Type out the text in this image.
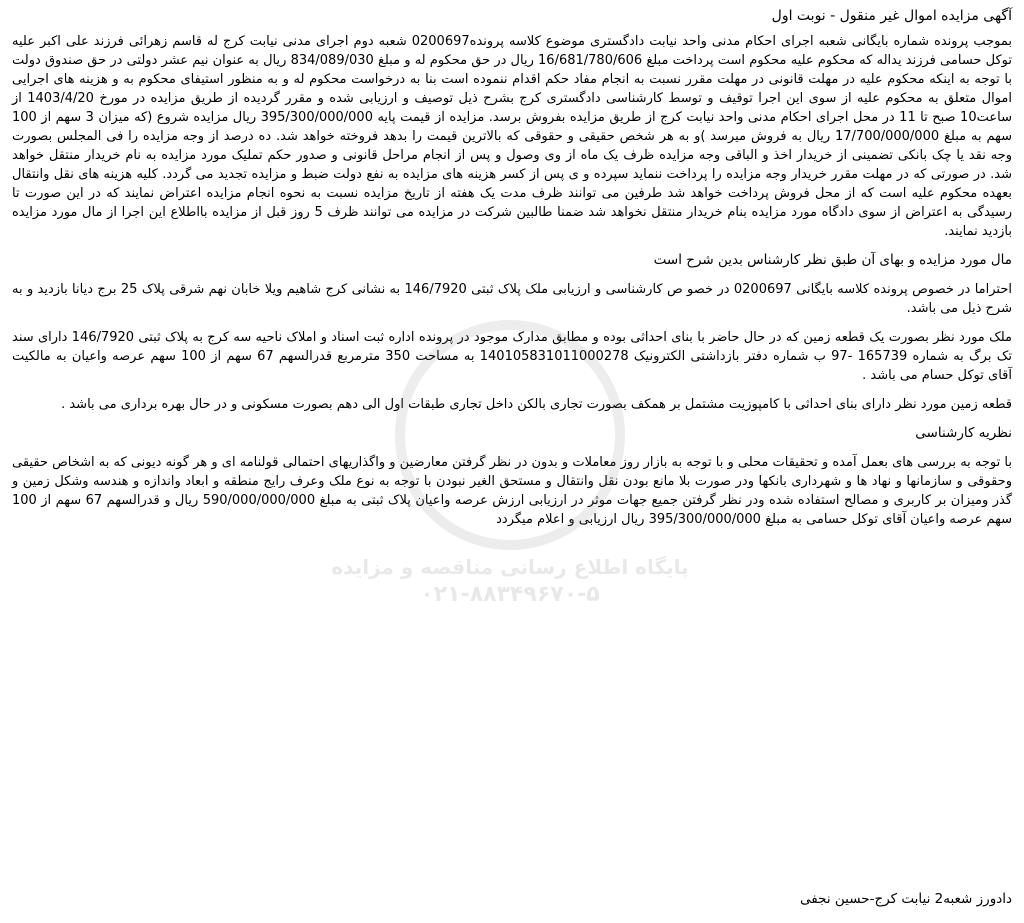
پایگاه اطلاع رسانی مناقصه و مزایده
۰۲۱-۸۸۳۴۹۶۷۰-۵

آگهی مزایده اموال غیر منقول - نوبت اول

بموجب پرونده شماره بایگانی شعبه اجرای احکام مدنی واحد نیابت دادگستری موضوع کلاسه پرونده0200697 شعبه دوم اجرای مدنی نیابت کرج له قاسم زهرائی فرزند علی اکبر علیه توکل حسامی فرزند یداله که محکوم علیه محکوم است پرداخت مبلغ 16/681/780/606 ریال در حق محکوم له و مبلغ 834/089/030 ریال به عنوان نیم عشر دولتی در حق صندوق دولت با توجه به اینکه محکوم علیه در مهلت قانونی در مهلت مقرر نسبت به انجام مفاد حکم اقدام ننموده است بنا به درخواست محکوم له و به منظور استیفای محکوم به و هزینه های اجرایی اموال متعلق به محکوم علیه از سوی این اجرا توقیف و توسط کارشناسی دادگستری کرج بشرح ذیل توصیف و ارزیابی شده و مقرر گردیده از طریق مزایده در مورخ 1403/4/20 از ساعت10 صبح تا 11 در محل اجرای احکام مدنی واحد نیابت کرج از طریق مزایده بفروش برسد. مزایده از قیمت پایه 395/300/000/000 ریال مزایده شروع (که میزان 3 سهم از 100 سهم به مبلغ 17/700/000/000 ریال به فروش میرسد )و به هر شخص حقیقی و حقوقی که بالاترین قیمت را بدهد فروخته خواهد شد. ده درصد از وجه مزایده را فی المجلس بصورت وجه نقد یا چک بانکی تضمینی از خریدار اخذ و الباقی وجه مزایده ظرف یک ماه از وی وصول و پس از انجام مراحل قانونی و صدور حکم تملیک مورد مزایده به نام خریدار منتقل خواهد شد. در صورتی که در مهلت مقرر خریدار وجه مزایده را پرداخت ننماید سپرده و ی پس از کسر هزینه های مزایده به نفع دولت ضبط و مزایده تجدید می گردد. کلیه هزینه های نقل وانتقال بعهده محکوم علیه است که از محل فروش پرداخت خواهد شد طرفین می توانند ظرف مدت یک هفته از تاریخ مزایده نسبت به نحوه انجام مزایده اعتراض نمایند که در این صورت تا رسیدگی به اعتراض از سوی دادگاه مورد مزایده بنام خریدار منتقل نخواهد شد ضمنا طالبین شرکت در مزایده می توانند ظرف 5 روز قبل از مزایده بااطلاع این اجرا از مال مورد مزایده بازدید نمایند.

مال مورد مزایده و بهای آن طبق نظر کارشناس بدین شرح است

احتراما در خصوص پرونده کلاسه بایگانی 0200697 در خصو ص کارشناسی و ارزیابی ملک پلاک ثبتی 146/7920 به نشانی کرج شاهیم ویلا خابان نهم شرقی پلاک 25 برج دیانا بازدید و به شرح ذیل می باشد.

ملک مورد نظر بصورت یک قطعه زمین که در حال حاضر با بنای احداثی بوده و مطابق مدارک موجود در پرونده اداره ثبت اسناد و املاک ناحیه سه کرج به پلاک ثبتی 146/7920 دارای سند تک برگ به شماره 165739 -97 ب شماره دفتر بازداشتی الکترونیک 140105831011000278 به مساحت 350 مترمربع قدرالسهم 67 سهم از 100 سهم عرصه واعیان به مالکیت آقای توکل حسام می باشد .

قطعه زمین مورد نظر دارای بنای احداثی با کامپوزیت مشتمل بر همکف بصورت تجاری بالکن داخل تجاری طبقات اول الی دهم بصورت مسکونی و در حال بهره برداری می باشد .

نظریه کارشناسی

با توجه به بررسی های بعمل آمده و تحقیقات محلی و با توجه به بازار روز معاملات و بدون در نظر گرفتن معارضین و واگذاریهای احتمالی قولنامه ای و هر گونه دیونی که به اشخاص حقیقی وحقوقی و سازمانها و نهاد ها و شهرداری بانکها ودر صورت بلا مانع بودن نقل وانتقال و مستحق الغیر نبودن با توجه به نوع ملک وعرف رایج منطقه و ابعاد واندازه و هندسه وشکل زمین و گذر ومیزان بر کاربری و مصالح استفاده شده ودر نظر گرفتن جمیع جهات موثر در ارزیابی ارزش عرصه واعیان پلاک ثبتی به مبلغ 590/000/000/000 ریال و قدرالسهم 67 سهم از 100 سهم عرصه واعیان آقای توکل حسامی به مبلغ 395/300/000/000 ریال ارزیابی و اعلام میگردد

دادورز شعبه2 نیابت کرج-حسین نجفی
